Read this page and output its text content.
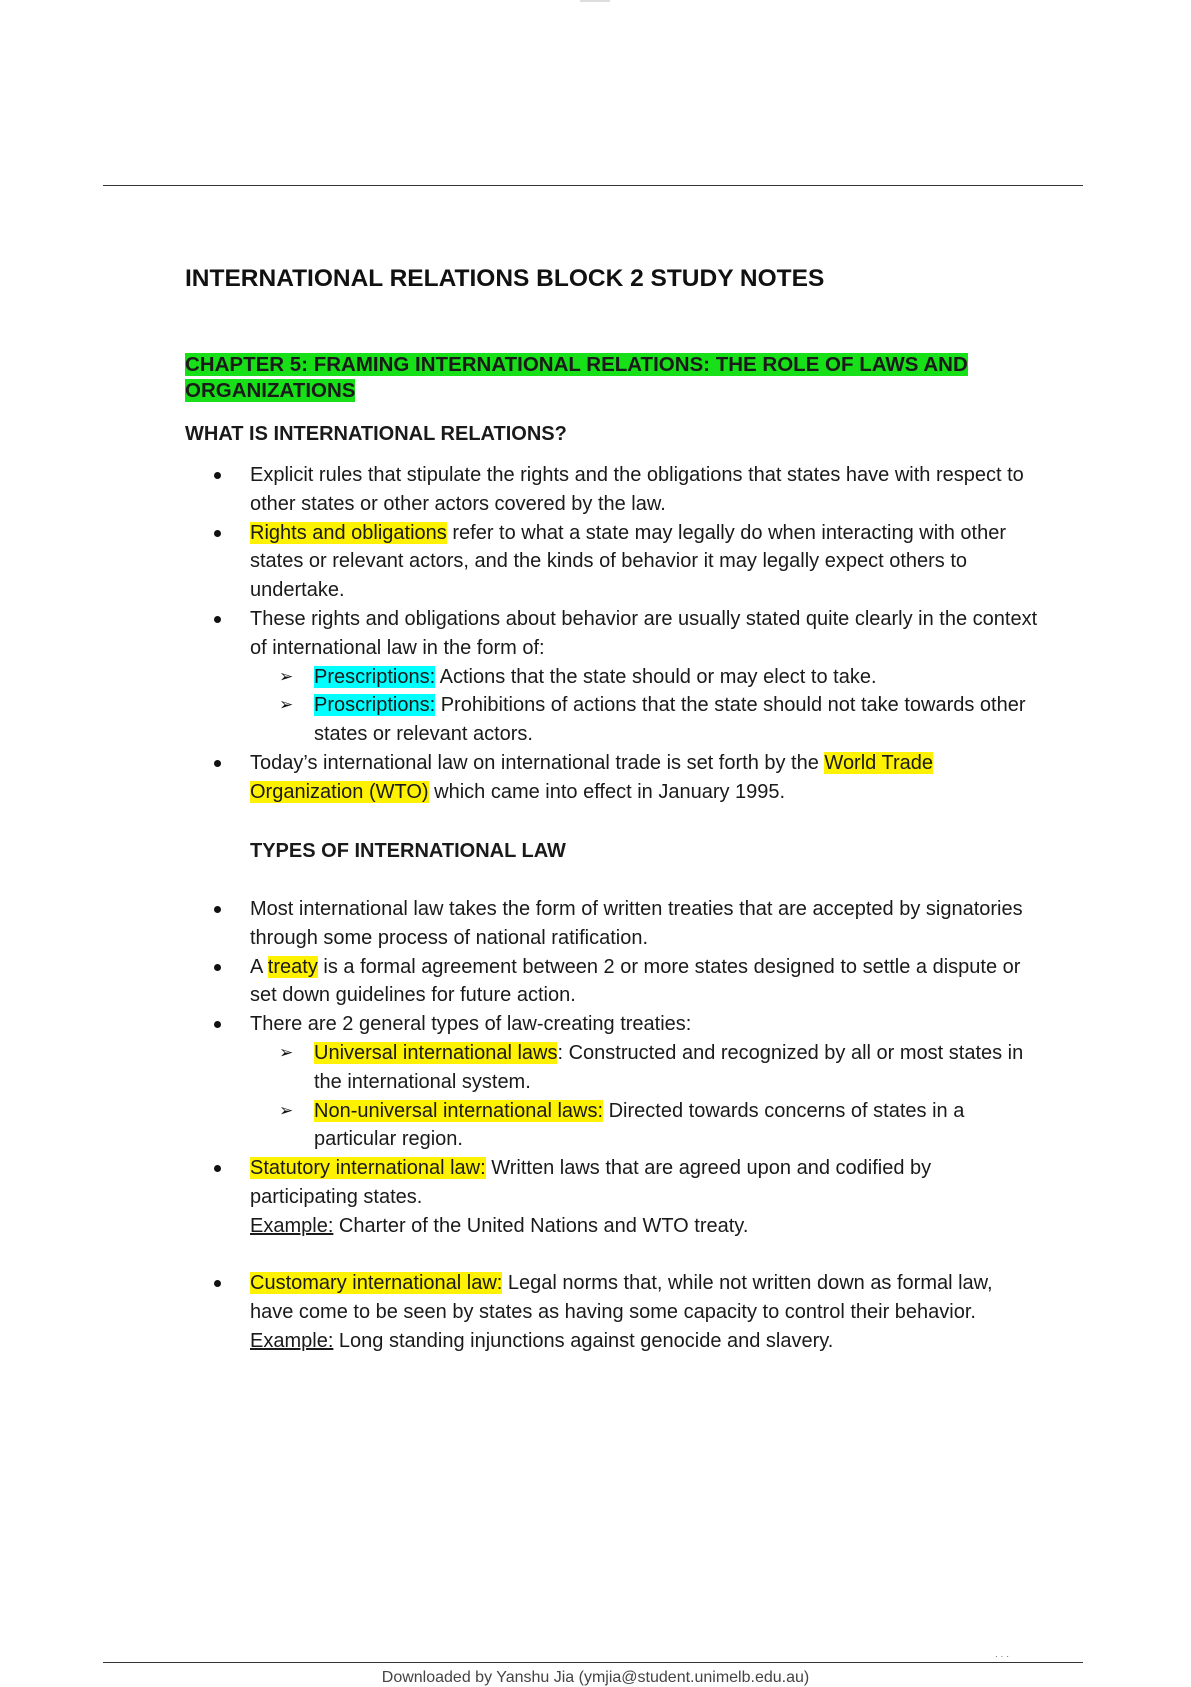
INTERNATIONAL RELATIONS BLOCK 2 STUDY NOTES
CHAPTER 5: FRAMING INTERNATIONAL RELATIONS: THE ROLE OF LAWS AND
ORGANIZATIONS
WHAT IS INTERNATIONAL RELATIONS?
Explicit rules that stipulate the rights and the obligations that states have with respect to other states or other actors covered by the law.
Rights and obligations refer to what a state may legally do when interacting with other states or relevant actors, and the kinds of behavior it may legally expect others to undertake.
These rights and obligations about behavior are usually stated quite clearly in the context of international law in the form of:
➢ Prescriptions: Actions that the state should or may elect to take.
➢ Proscriptions: Prohibitions of actions that the state should not take towards other states or relevant actors.
Today’s international law on international trade is set forth by the World Trade Organization (WTO) which came into effect in January 1995.
TYPES OF INTERNATIONAL LAW
Most international law takes the form of written treaties that are accepted by signatories through some process of national ratification.
A treaty is a formal agreement between 2 or more states designed to settle a dispute or set down guidelines for future action.
There are 2 general types of law-creating treaties:
➢ Universal international laws: Constructed and recognized by all or most states in the international system.
➢ Non-universal international laws: Directed towards concerns of states in a particular region.
Statutory international law: Written laws that are agreed upon and codified by participating states.
Example: Charter of the United Nations and WTO treaty.
Customary international law: Legal norms that, while not written down as formal law, have come to be seen by states as having some capacity to control their behavior.
Example: Long standing injunctions against genocide and slavery.
···
Downloaded by Yanshu Jia (ymjia@student.unimelb.edu.au)
